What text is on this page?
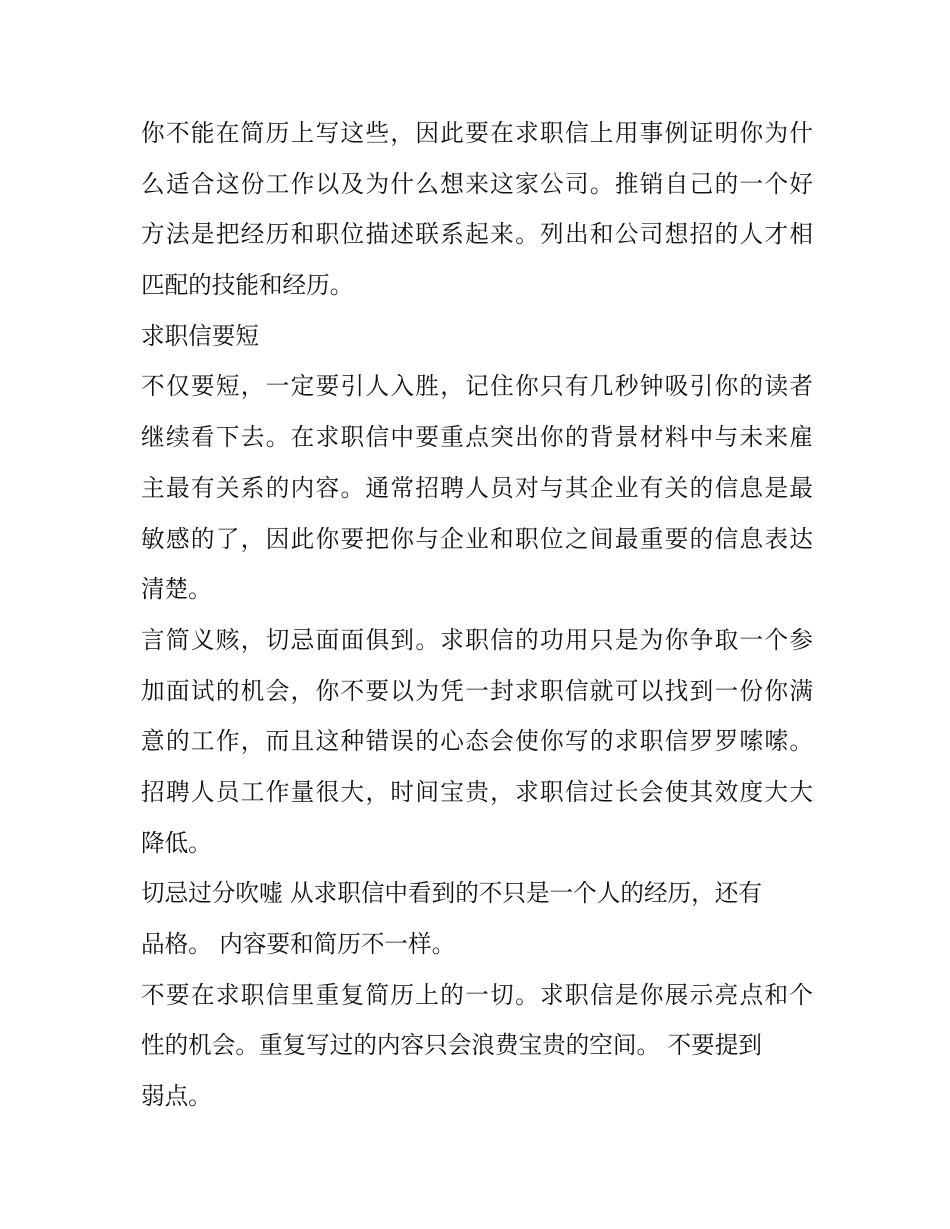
你不能在简历上写这些，因此要在求职信上用事例证明你为什
么适合这份工作以及为什么想来这家公司。推销自己的一个好
方法是把经历和职位描述联系起来。列出和公司想招的人才相
匹配的技能和经历。
求职信要短
不仅要短，一定要引人入胜，记住你只有几秒钟吸引你的读者
继续看下去。在求职信中要重点突出你的背景材料中与未来雇
主最有关系的内容。通常招聘人员对与其企业有关的信息是最
敏感的了，因此你要把你与企业和职位之间最重要的信息表达
清楚。
言简义赅，切忌面面俱到。求职信的功用只是为你争取一个参
加面试的机会，你不要以为凭一封求职信就可以找到一份你满
意的工作，而且这种错误的心态会使你写的求职信罗罗嗦嗦。
招聘人员工作量很大，时间宝贵，求职信过长会使其效度大大
降低。
切忌过分吹嘘 从求职信中看到的不只是一个人的经历，还有
品格。 内容要和简历不一样。
不要在求职信里重复简历上的一切。求职信是你展示亮点和个
性的机会。重复写过的内容只会浪费宝贵的空间。 不要提到
弱点。
